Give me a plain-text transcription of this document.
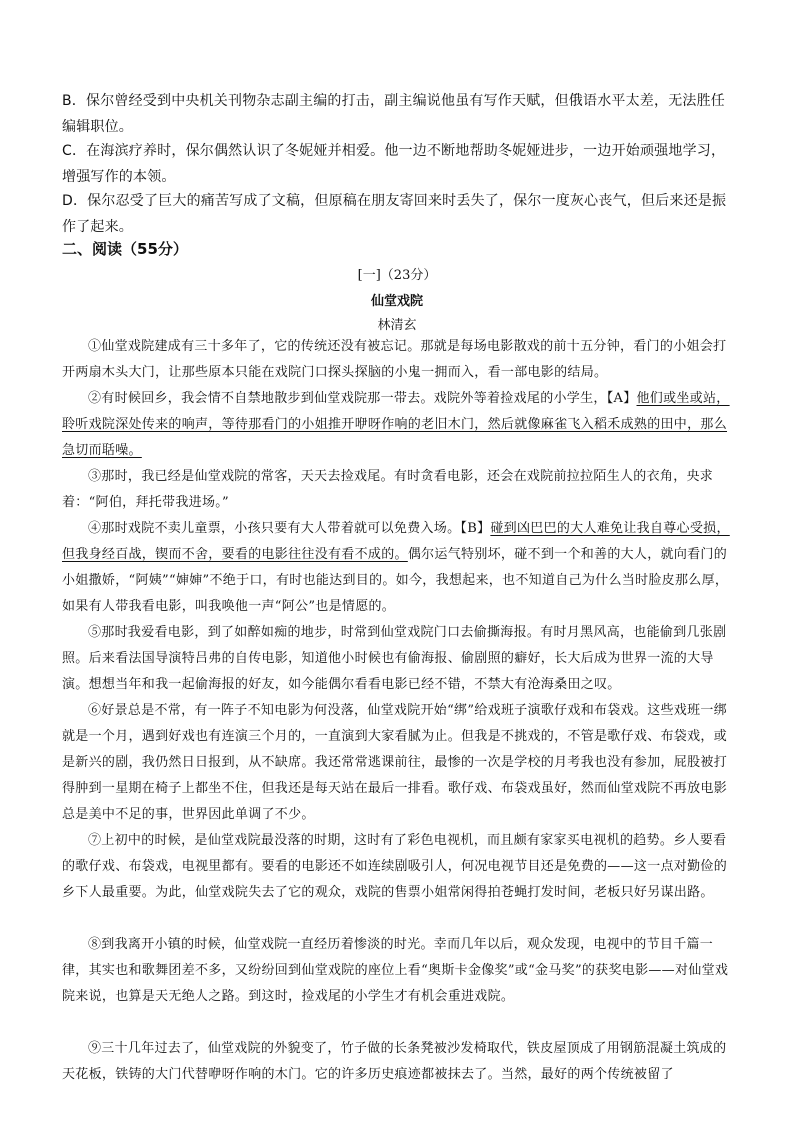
B．保尔曾经受到中央机关刊物杂志副主编的打击，副主编说他虽有写作天赋，但俄语水平太差，无法胜任编辑职位。
C．在海滨疗养时，保尔偶然认识了冬妮娅并相爱。他一边不断地帮助冬妮娅进步，一边开始顽强地学习，增强写作的本领。
D．保尔忍受了巨大的痛苦写成了文稿，但原稿在朋友寄回来时丢失了，保尔一度灰心丧气，但后来还是振作了起来。
二、阅读（55分）
[一]（23分）
仙堂戏院
林清玄
①仙堂戏院建成有三十多年了，它的传统还没有被忘记。那就是每场电影散戏的前十五分钟，看门的小姐会打开两扇木头大门，让那些原本只能在戏院门口探头探脑的小鬼一拥而入，看一部电影的结局。
②有时候回乡，我会情不自禁地散步到仙堂戏院那一带去。戏院外等着捡戏尾的小学生，【A】他们或坐或站，聆听戏院深处传来的响声，等待那看门的小姐推开咿呀作响的老旧木门，然后就像麻雀飞入稻禾成熟的田中，那么急切而聒噪。
③那时，我已经是仙堂戏院的常客，天天去捡戏尾。有时贪看电影，还会在戏院前拉拉陌生人的衣角，央求着：“阿伯，拜托带我进场。”
④那时戏院不卖儿童票，小孩只要有大人带着就可以免费入场。【B】碰到凶巴巴的大人难免让我自尊心受损，但我身经百战，锲而不舍，要看的电影往往没有看不成的。偶尔运气特别坏，碰不到一个和善的大人，就向看门的小姐撒娇，“阿姨”“婶婶”不绝于口，有时也能达到目的。如今，我想起来，也不知道自己为什么当时脸皮那么厚，如果有人带我看电影，叫我唤他一声“阿公”也是情愿的。
⑤那时我爱看电影，到了如醉如痴的地步，时常到仙堂戏院门口去偷撕海报。有时月黑风高，也能偷到几张剧照。后来看法国导演特吕弗的自传电影，知道他小时候也有偷海报、偷剧照的癖好，长大后成为世界一流的大导演。想想当年和我一起偷海报的好友，如今能偶尔看看电影已经不错，不禁大有沧海桑田之叹。
⑥好景总是不常，有一阵子不知电影为何没落，仙堂戏院开始“绑”给戏班子演歌仔戏和布袋戏。这些戏班一绑就是一个月，遇到好戏也有连演三个月的，一直演到大家看腻为止。但我是不挑戏的，不管是歌仔戏、布袋戏，或是新兴的剧，我仍然日日报到，从不缺席。我还常常逃课前往，最惨的一次是学校的月考我也没有参加，屁股被打得肿到一星期在椅子上都坐不住，但我还是每天站在最后一排看。歌仔戏、布袋戏虽好，然而仙堂戏院不再放电影总是美中不足的事，世界因此单调了不少。
⑦上初中的时候，是仙堂戏院最没落的时期，这时有了彩色电视机，而且颇有家家买电视机的趋势。乡人要看的歌仔戏、布袋戏，电视里都有。要看的电影还不如连续剧吸引人，何况电视节目还是免费的——这一点对勤俭的乡下人最重要。为此，仙堂戏院失去了它的观众，戏院的售票小姐常闲得拍苍蝇打发时间，老板只好另谋出路。
⑧到我离开小镇的时候，仙堂戏院一直经历着惨淡的时光。幸而几年以后，观众发现，电视中的节目千篇一律，其实也和歌舞团差不多，又纷纷回到仙堂戏院的座位上看“奥斯卡金像奖”或“金马奖”的获奖电影——对仙堂戏院来说，也算是天无绝人之路。到这时，捡戏尾的小学生才有机会重进戏院。
⑨三十几年过去了，仙堂戏院的外貌变了，竹子做的长条凳被沙发椅取代，铁皮屋顶成了用钢筋混凝土筑成的天花板，铁铸的大门代替咿呀作响的木门。它的许多历史痕迹都被抹去了。当然，最好的两个传统被留了
